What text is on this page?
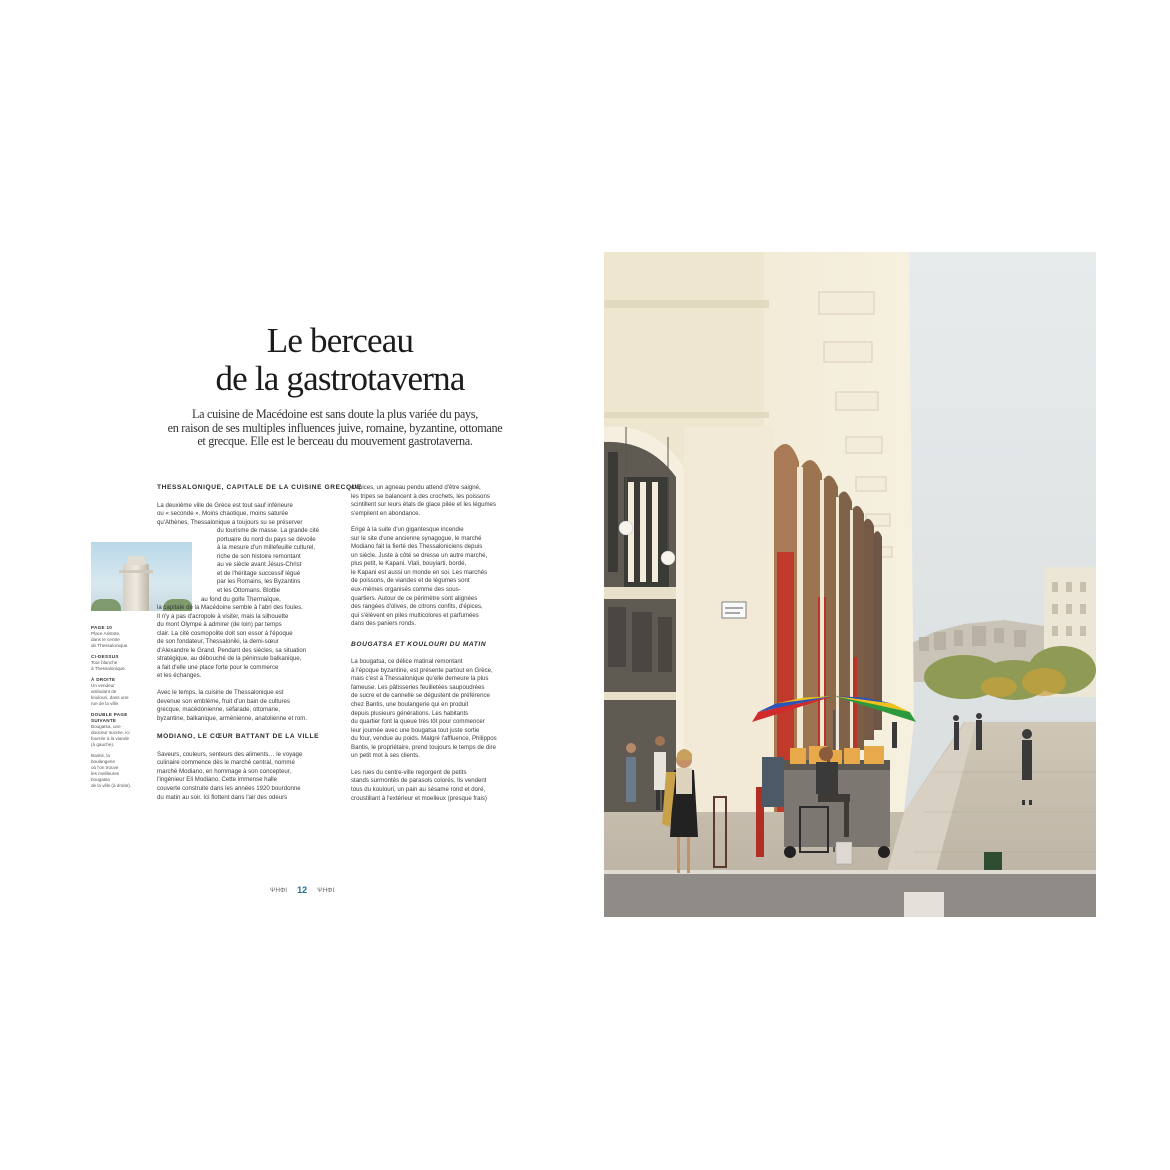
Le berceau
de la gastrotaverna
La cuisine de Macédoine est sans doute la plus variée du pays,
en raison de ses multiples influences juive, romaine, byzantine, ottomane
et grecque. Elle est le berceau du mouvement gastrotaverna.
PAGE 10
Place Aristote,
dans le centre
de Thessalonique.
CI-DESSUS
Tour blanche
à Thessalonique.
À DROITE
Un vendeur
ambulant de
koulouri, dans une
rue de la ville.
DOUBLE PAGE SUIVANTE
Bougatsa, une
douceur sucrée, ici
fourrée à la viande
(à gauche).
Bantis, la
boulangerie
où l'on trouve
les meilleures
bougatsa
de la ville (à droite).
THESSALONIQUE, CAPITALE DE LA CUISINE GRECQUE

La deuxième ville de Grèce est tout sauf inférieure
ou « seconde ». Moins chaotique, moins saturée
qu'Athènes, Thessalonique a toujours su se préserver
du tourisme de masse. La grande cité
portuaire du nord du pays se dévoile
à la mesure d'un millefeuille culturel,
riche de son histoire remontant
au ve siècle avant Jésus-Christ
et de l'héritage successif légué
par les Romains, les Byzantins
et les Ottomans. Blottie
au fond du golfe Thermaïque,
la capitale de la Macédoine semble à l'abri des foules.
Il n'y a pas d'acropole à visiter, mais la silhouette
du mont Olympe à admirer (de loin) par temps
clair. La cité cosmopolite doit son essor à l'époque
de son fondateur, Thessaloniki, la demi-sœur
d'Alexandre le Grand. Pendant des siècles, sa situation
stratégique, au débouché de la péninsule balkanique,
a fait d'elle une place forte pour le commerce
et les échanges.

Avec le temps, la cuisine de Thessalonique est
devenue son emblème, fruit d'un bain de cultures
grecque, macédonienne, séfarade, ottomane,
byzantine, balkanique, arménienne, anatolienne et rom.

MODIANO, LE CŒUR BATTANT DE LA VILLE

Saveurs, couleurs, senteurs des aliments… le voyage
culinaire commence dès le marché central, nommé
marché Modiano, en hommage à son concepteur,
l'ingénieur Eli Modiano. Cette immense halle
couverte construite dans les années 1920 bourdonne
du matin au soir. Ici flottent dans l'air des odeurs

d'épices, un agneau pendu attend d'être saigné,
les tripes se balancent à des crochets, les poissons
scintillent sur leurs étals de glace pilée et les légumes
s'empilent en abondance.

Érigé à la suite d'un gigantesque incendie
sur le site d'une ancienne synagogue, le marché
Modiano fait la fierté des Thessaloniciens depuis
un siècle. Juste à côté se dresse un autre marché,
plus petit, le Kapani. Vlali, bouyiarti, bordé,
le Kapani est aussi un monde en soi. Les marchés
de poissons, de viandes et de légumes sont
eux-mêmes organisés comme des sous-
quartiers. Autour de ce périmètre sont alignées
des rangées d'olives, de citrons confits, d'épices,
qui s'élèvent en piles multicolores et parfumées
dans des paniers ronds.

BOUGATSA ET KOULOURI DU MATIN

La bougatsa, ce délice matinal remontant
à l'époque byzantine, est présente partout en Grèce,
mais c'est à Thessalonique qu'elle demeure la plus
fameuse. Les pâtisseries feuilletées saupoudrées
de sucre et de cannelle se dégustent de préférence
chez Bantis, une boulangerie qui en produit
depuis plusieurs générations. Les habitants
du quartier font la queue très tôt pour commencer
leur journée avec une bougatsa tout juste sortie
du four, vendue au poids. Malgré l'affluence, Philippos
Bantis, le propriétaire, prend toujours le temps de dire
un petit mot à ses clients.

Les rues du centre-ville regorgent de petits
stands surmontés de parasols colorés. Ils vendent
tous du koulouri, un pain au sésame rond et doré,
croustillant à l'extérieur et moelleux (presque frais)

ΨΗΦΙ 12 ΨΗΦΙ
